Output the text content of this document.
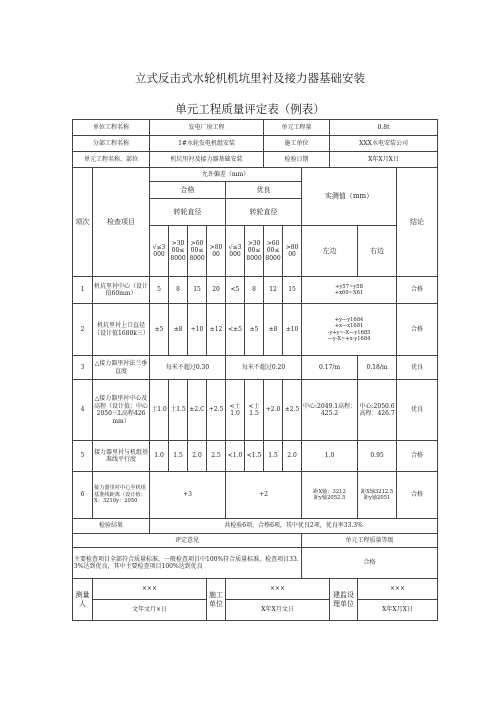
立式反击式水轮机机坑里衬及接力器基础安装
单元工程质量评定表（例表）
单位工程名称		发电厂房工程						单元工程量			0.8t		
分部工程名称		1#水轮发电机组安装						施工单位			XXX水电安装公司		
单元工程名称、部位		机坑里衬及接力器基础安装						检验日期			X年X月X日		
项次	检查项目	允许偏差（mm）								实测值（mm）			结论
		合格				优良							
		转轮直径				转轮直径							
		√≤3000	>3000≤8000	>6000≤8000	>8000	√≤3000	>3000≤8000	>6000≤8000	>8000	左边		右边	
1	机坑里衬中心（设计值60mm）	5	8	15	20	<5	8	12	15	+y57~y58
+x60~X61			合格
2	机坑里衬上口直径（设计值1680k三）	±5	±8	+10	±12	<±5	±5	±8	±10	+y—y1684
+x—x1681
-y+y~-X—y1685
—y-X~+x-y1684			合格
3	△接力器里衬法兰垂直度	每米不超过0.30				每米不超过0.20				0.17/m		0.18/m	优良
4	△接力器里衬中心及高程（设计值：中心2050三L高程426mm）	士1.0	士1.5	±2.C	+2.5	<士1.0	<士1.5	+2.0	±2.5	中心:2049.1高程：425.2		中心:2050.6高程：426.7	优良
5	接力器里衬与机组基准线平行度	1.0	1.5	2.0	2.5	<1.0	<1.5	1.5	2.0	1.0		0.95	合格
6	接力器里衬中心至机组基准线距离（设计值：X：3210y：2050	+3				+2				距X轴：3212
距y轴2052.5		距X轴3212.5
距y轴2051	合格
检验结果		共检验6项，合格6项，其中优良2项，优良率33.3%											
评定意见										单元工程质量等级			
主要检查项目全部符合质量标准，一般检查项目中100%符合质量标准，检查项目33.3%达到优良，其中主要检查项目100%达到优良										合格			
测量人	×××				施工单位	×××					建监设理单位	×××	
	文年文月×日					X年X月文日						X年X月X日	
